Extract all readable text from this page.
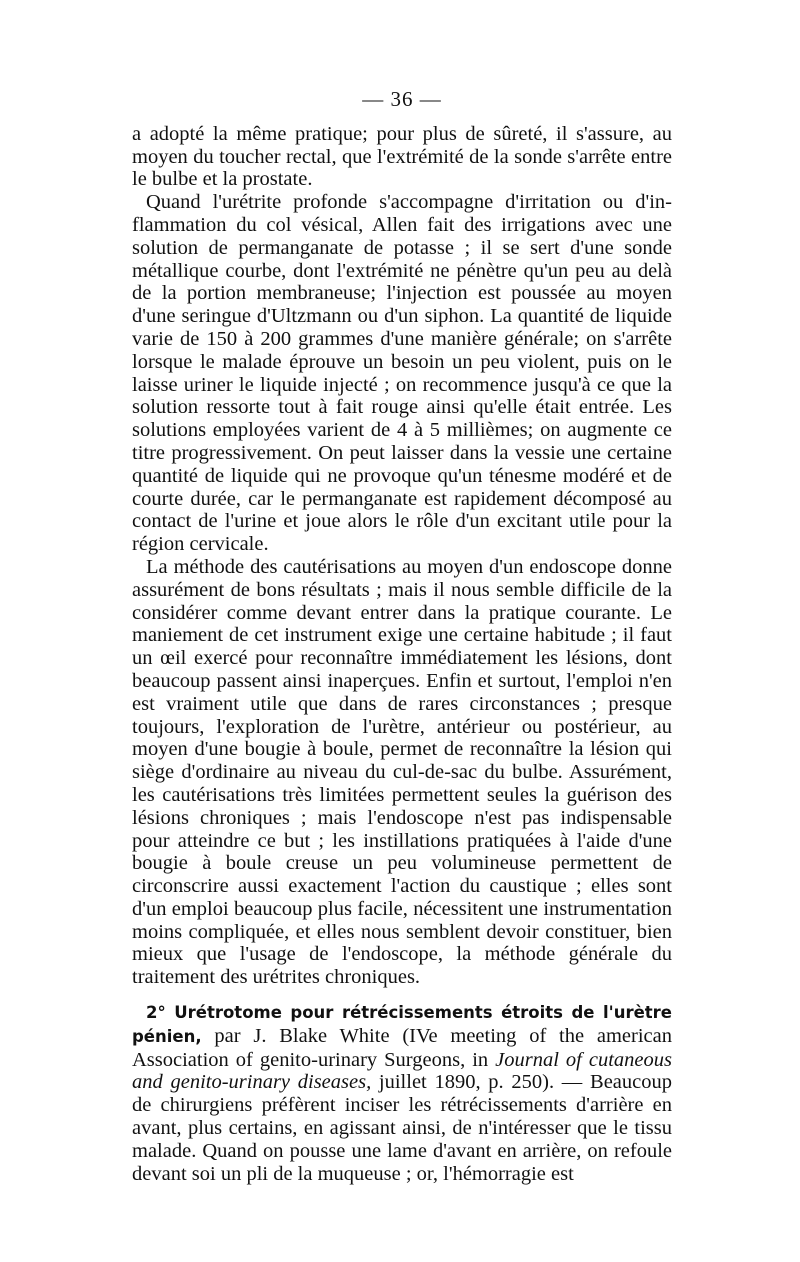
— 36 —

a adopté la même pratique; pour plus de sûreté, il s'assure, au moyen du toucher rectal, que l'extrémité de la sonde s'arrête entre le bulbe et la prostate.

Quand l'urétrite profonde s'accompagne d'irritation ou d'inflammation du col vésical, Allen fait des irrigations avec une solution de permanganate de potasse ; il se sert d'une sonde métallique courbe, dont l'extrémité ne pénètre qu'un peu au delà de la portion membraneuse; l'injection est poussée au moyen d'une seringue d'Ultzmann ou d'un siphon. La quantité de liquide varie de 150 à 200 grammes d'une manière générale; on s'arrête lorsque le malade éprouve un besoin un peu violent, puis on le laisse uriner le liquide injecté ; on recommence jusqu'à ce que la solution ressorte tout à fait rouge ainsi qu'elle était entrée. Les solutions employées varient de 4 à 5 millièmes; on augmente ce titre progressivement. On peut laisser dans la vessie une certaine quantité de liquide qui ne provoque qu'un ténesme modéré et de courte durée, car le permanganate est rapidement décomposé au contact de l'urine et joue alors le rôle d'un excitant utile pour la région cervicale.

La méthode des cautérisations au moyen d'un endoscope donne assurément de bons résultats ; mais il nous semble difficile de la considérer comme devant entrer dans la pratique courante. Le maniement de cet instrument exige une certaine habitude ; il faut un œil exercé pour reconnaître immédiatement les lésions, dont beaucoup passent ainsi inaperçues. Enfin et surtout, l'emploi n'en est vraiment utile que dans de rares circonstances ; presque toujours, l'exploration de l'urètre, antérieur ou postérieur, au moyen d'une bougie à boule, permet de reconnaître la lésion qui siège d'ordinaire au niveau du cul-de-sac du bulbe. Assurément, les cautérisations très limitées permettent seules la guérison des lésions chroniques ; mais l'endoscope n'est pas indispensable pour atteindre ce but ; les instillations pratiquées à l'aide d'une bougie à boule creuse un peu volumineuse permettent de circonscrire aussi exactement l'action du caustique ; elles sont d'un emploi beaucoup plus facile, nécessitent une instrumentation moins compliquée, et elles nous semblent devoir constituer, bien mieux que l'usage de l'endoscope, la méthode générale du traitement des urétrites chroniques.

2° Urétrotome pour rétrécissements étroits de l'urètre pénien, par J. Blake White (IVe meeting of the american Association of genito-urinary Surgeons, in Journal of cutaneous and genito-urinary diseases, juillet 1890, p. 250). — Beaucoup de chirurgiens préfèrent inciser les rétrécissements d'arrière en avant, plus certains, en agissant ainsi, de n'intéresser que le tissu malade. Quand on pousse une lame d'avant en arrière, on refoule devant soi un pli de la muqueuse ; or, l'hémorragie est
